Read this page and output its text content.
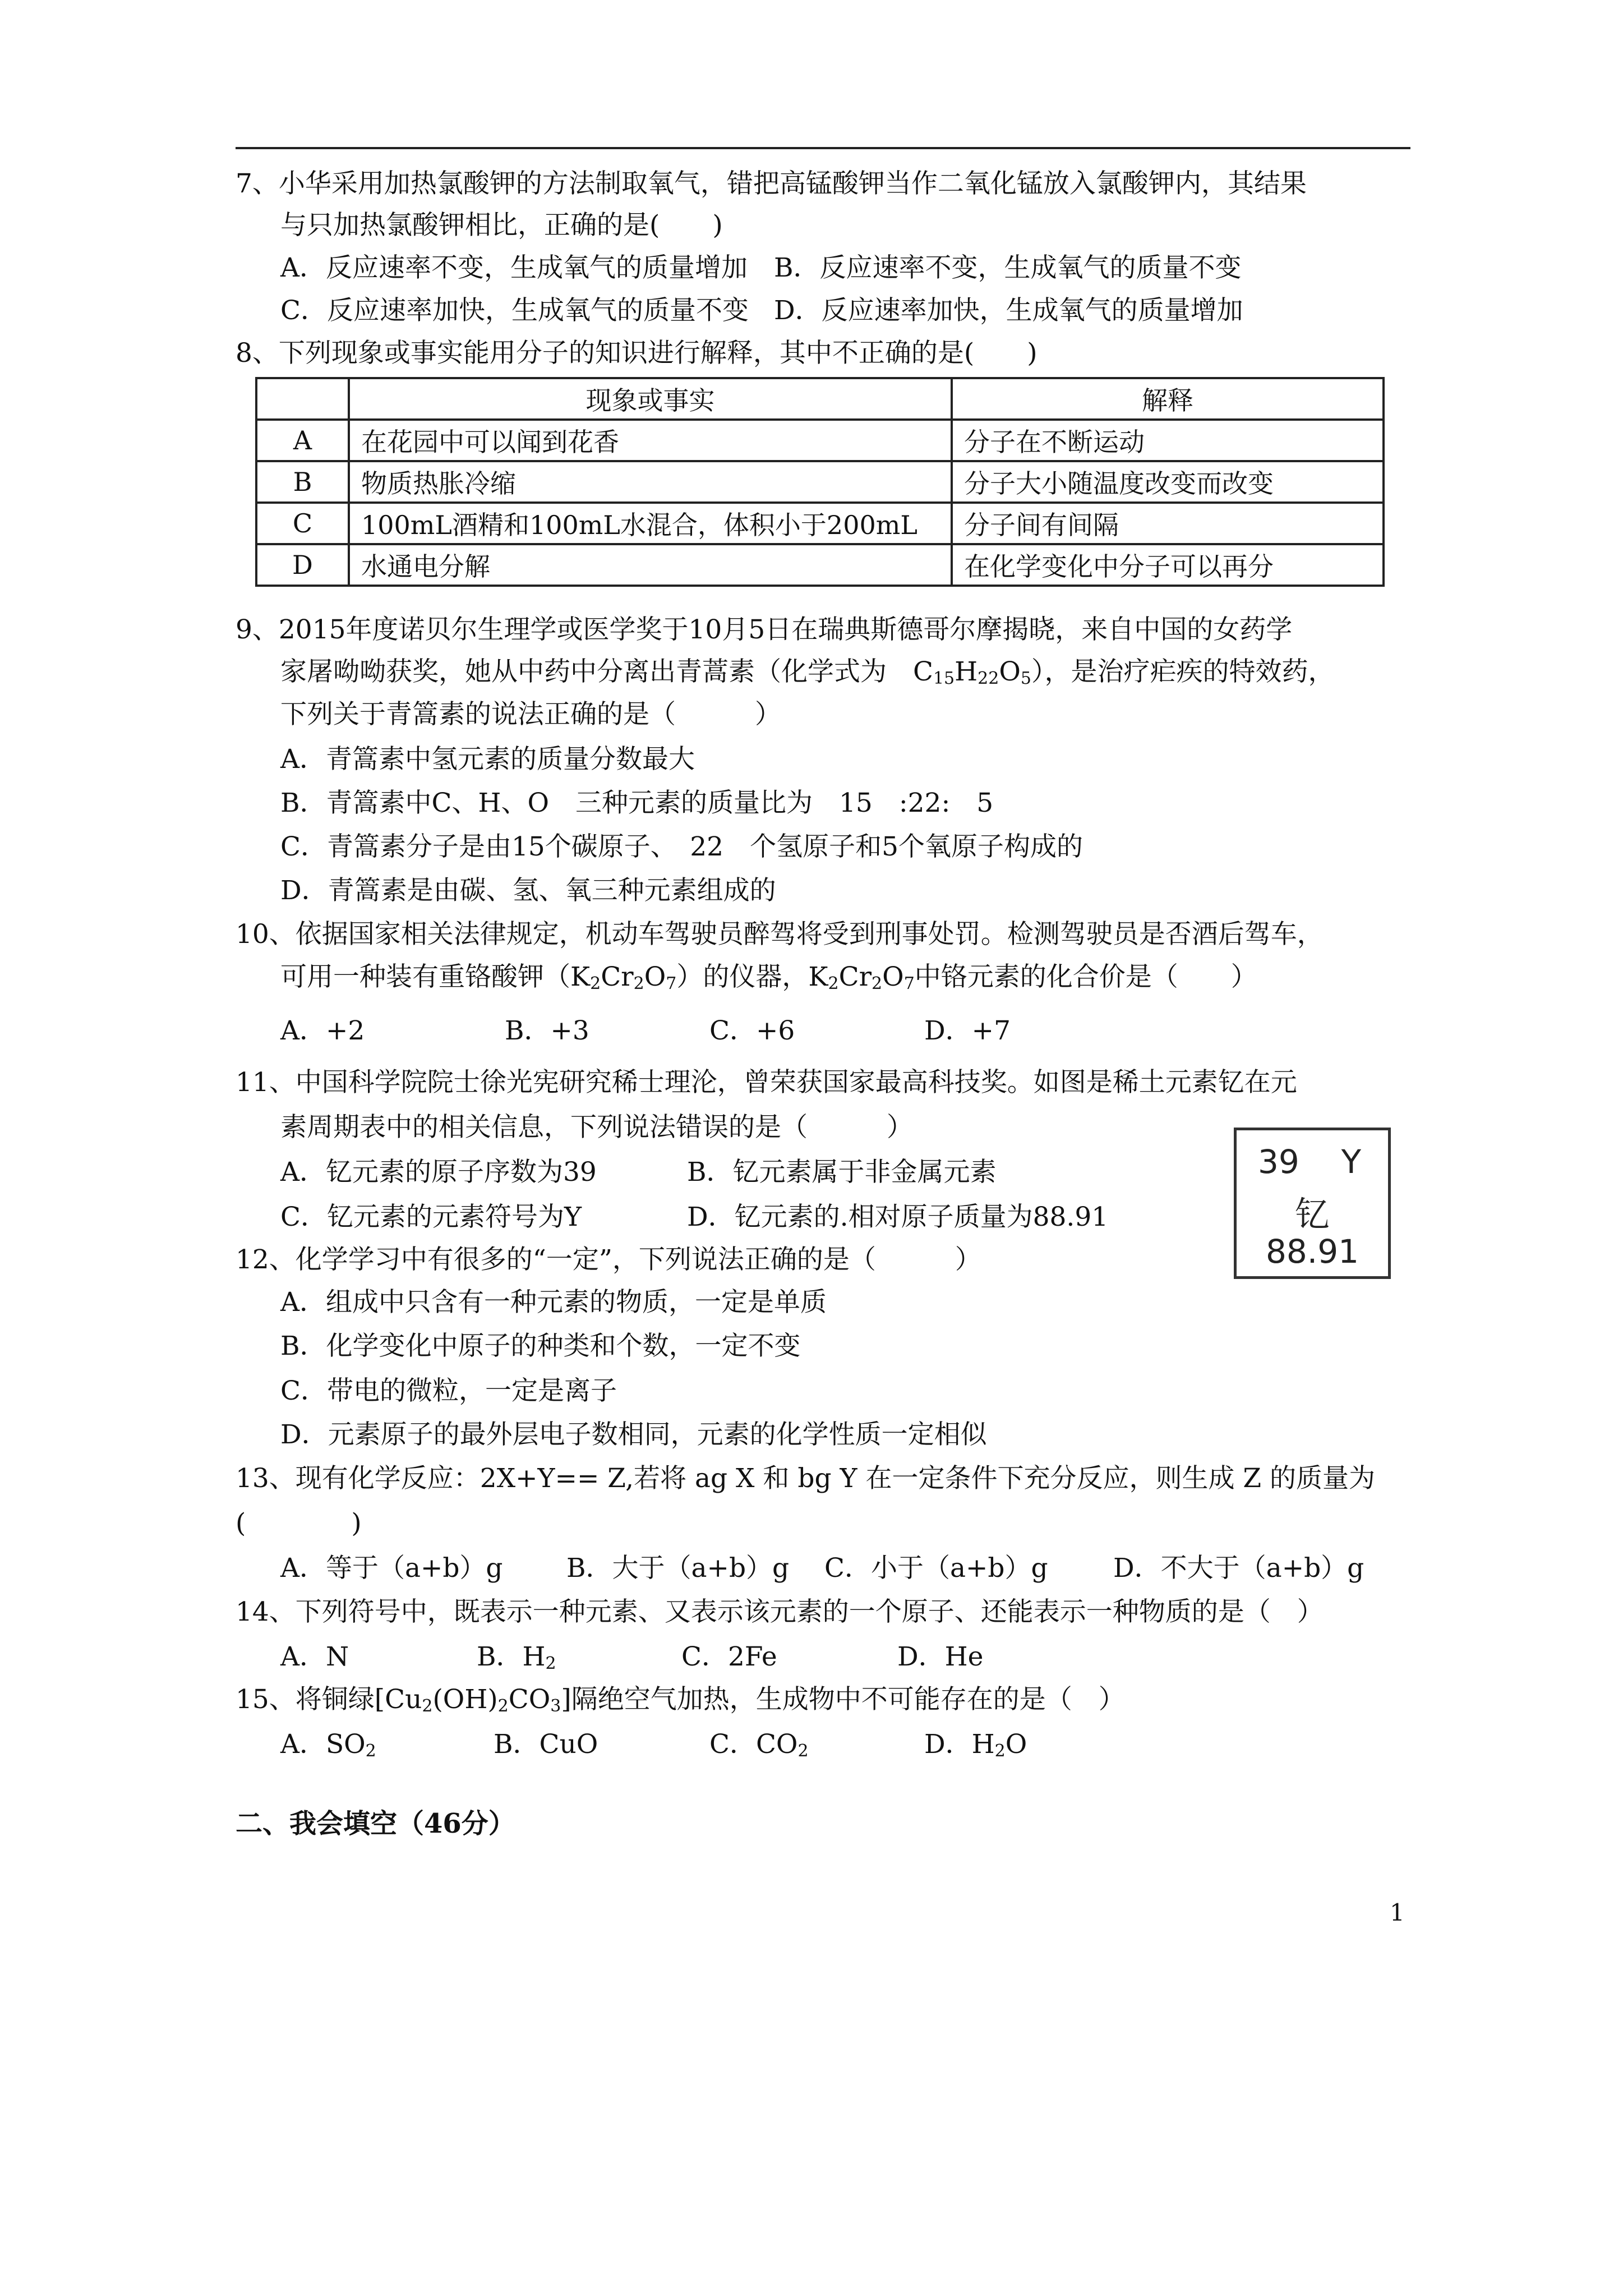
7、小华采用加热氯酸钾的方法制取氧气，错把高锰酸钾当作二氧化锰放入氯酸钾内，其结果
与只加热氯酸钾相比，正确的是(　　)
A．反应速率不变，生成氧气的质量增加 B．反应速率不变，生成氧气的质量不变
C．反应速率加快，生成氧气的质量不变 D．反应速率加快，生成氧气的质量增加
8、下列现象或事实能用分子的知识进行解释，其中不正确的是(　　)
	现象或事实	解释
A	在花园中可以闻到花香	分子在不断运动
B	物质热胀冷缩	分子大小随温度改变而改变
C	100mL酒精和100mL水混合，体积小于200mL	分子间有间隔
D	水通电分解	在化学变化中分子可以再分
9、2015年度诺贝尔生理学或医学奖于10月5日在瑞典斯德哥尔摩揭晓，来自中国的女药学
家屠呦呦获奖，她从中药中分离出青蒿素（化学式为　$C_{15}H_{22}O_5$），是治疗疟疾的特效药，
下列关于青篙素的说法正确的是（　　　）
A．青篙素中氢元素的质量分数最大
B．青篙素中C、H、O　三种元素的质量比为　15　:22:　5
C．青篙素分子是由15个碳原子、　22　个氢原子和5个氧原子构成的
D．青篙素是由碳、氢、氧三种元素组成的
10、依据国家相关法律规定，机动车驾驶员醉驾将受到刑事处罚。检测驾驶员是否酒后驾车，
可用一种装有重铬酸钾$(K_2Cr_2O_7)$的仪器，$K_2Cr_2O_7$中铬元素的化合价是（　　）
A．+2	B．+3	C．+6	D．+7
11、中国科学院院士徐光宪研究稀士理沦，曾荣获国家最高科技奖。如图是稀土元素钇在元
素周期表中的相关信息，下列说法错误的是（　　　）
A．钇元素的原子序数为39	B．钇元素属于非金属元素
C．钇元素的元素符号为Y	D．钇元素的.相对原子质量为88.91
39 Y
钇
88.91
12、化学学习中有很多的“一定”，下列说法正确的是（　　　）
A．组成中只含有一种元素的物质，一定是单质
B．化学变化中原子的种类和个数，一定不变
C．带电的微粒，一定是离子
D．元素原子的最外层电子数相同，元素的化学性质一定相似
13、现有化学反应：2X+Y== Z,若将 ag X 和 bg Y 在一定条件下充分反应，则生成 Z 的质量为
(　　　　)
A．等于（a+b）g B．大于（a+b）g C．小于（a+b）g D．不大于（a+b）g
14、下列符号中，既表示一种元素、又表示该元素的一个原子、还能表示一种物质的是（　）
A．N	B．$H_2$	C．2Fe	D．He
15、将铜绿$[Cu_2(OH)_2CO_3]$隔绝空气加热，生成物中不可能存在的是（　）
A．$SO_2$	B．CuO	C．$CO_2$	D．$H_2O$
二、我会填空（46分）
1
